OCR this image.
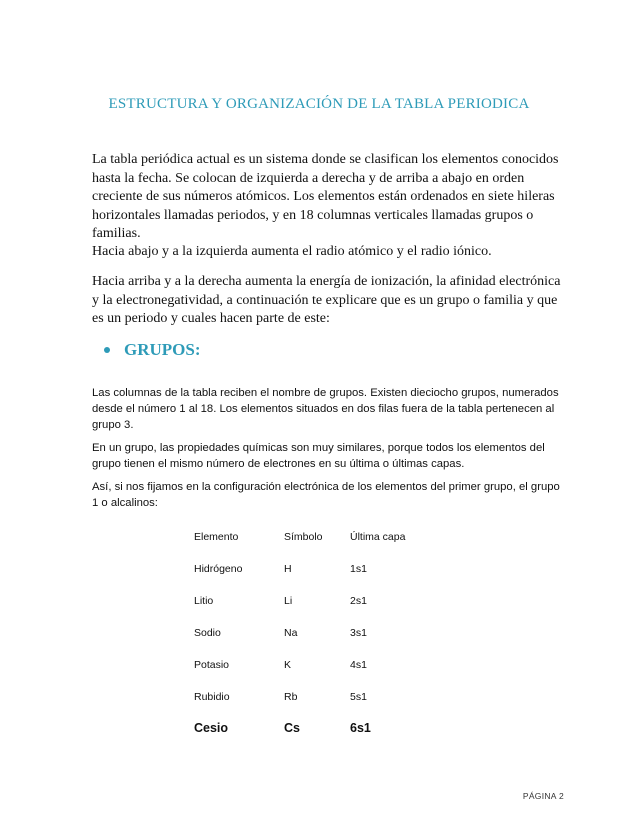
ESTRUCTURA Y ORGANIZACIÓN DE LA TABLA PERIODICA

La tabla periódica actual es un sistema donde se clasifican los elementos conocidos hasta la fecha. Se colocan de izquierda a derecha y de arriba a abajo en orden creciente de sus números atómicos. Los elementos están ordenados en siete hileras horizontales llamadas periodos, y en 18 columnas verticales llamadas grupos o familias.

Hacia abajo y a la izquierda aumenta el radio atómico y el radio iónico.

Hacia arriba y a la derecha aumenta la energía de ionización, la afinidad electrónica y la electronegatividad, a continuación te explicare que es un grupo o familia y que es un periodo y cuales hacen parte de este:

GRUPOS:

Las columnas de la tabla reciben el nombre de grupos. Existen dieciocho grupos, numerados desde el número 1 al 18. Los elementos situados en dos filas fuera de la tabla pertenecen al grupo 3.

En un grupo, las propiedades químicas son muy similares, porque todos los elementos del grupo tienen el mismo número de electrones en su última o últimas capas.

Así, si nos fijamos en la configuración electrónica de los elementos del primer grupo, el grupo 1 o alcalinos:

Elemento	Símbolo	Última capa
Hidrógeno	H	1s1
Litio	Li	2s1
Sodio	Na	3s1
Potasio	K	4s1
Rubidio	Rb	5s1
Cesio	Cs	6s1
PÁGINA 2
